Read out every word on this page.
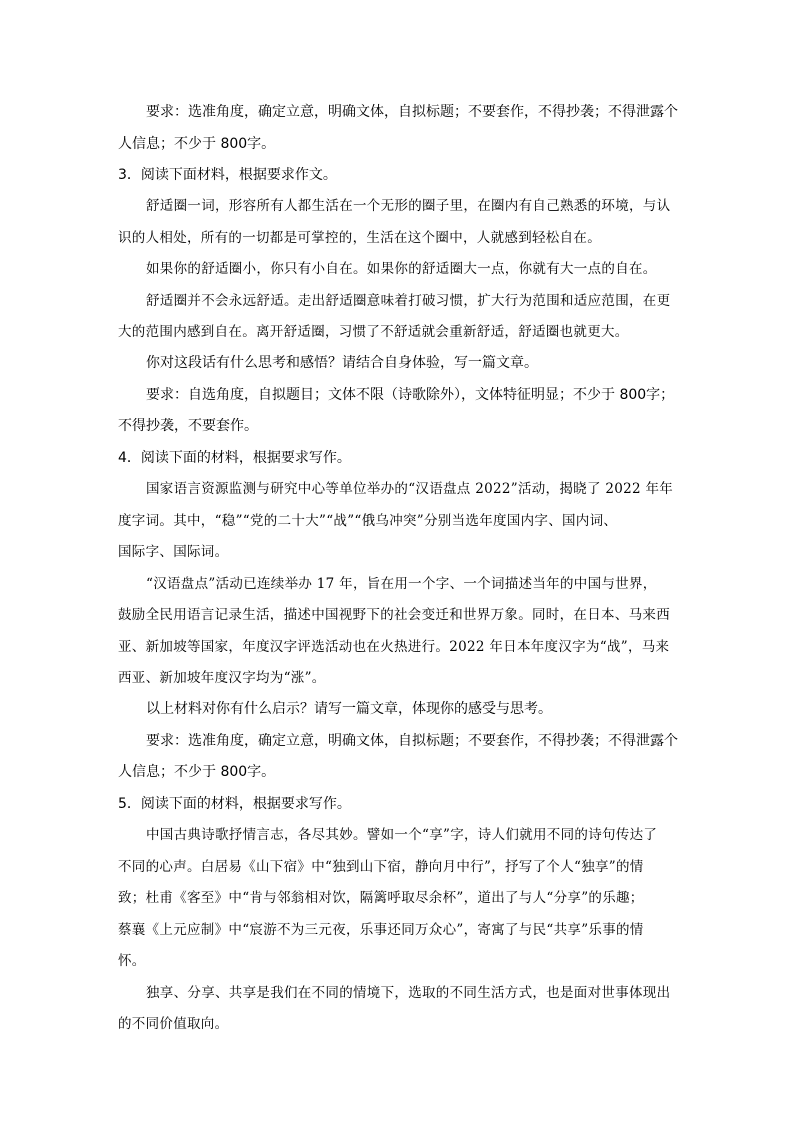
要求：选准角度，确定立意，明确文体，自拟标题；不要套作，不得抄袭；不得泄露个
人信息；不少于 800字。
3．阅读下面材料，根据要求作文。
舒适圈一词，形容所有人都生活在一个无形的圈子里，在圈内有自己熟悉的环境，与认
识的人相处，所有的一切都是可掌控的，生活在这个圈中，人就感到轻松自在。
如果你的舒适圈小，你只有小自在。如果你的舒适圈大一点，你就有大一点的自在。
舒适圈并不会永远舒适。走出舒适圈意味着打破习惯，扩大行为范围和适应范围，在更
大的范围内感到自在。离开舒适圈，习惯了不舒适就会重新舒适，舒适圈也就更大。
你对这段话有什么思考和感悟？请结合自身体验，写一篇文章。
要求：自选角度，自拟题目；文体不限（诗歌除外），文体特征明显；不少于 800字；
不得抄袭，不要套作。
4．阅读下面的材料，根据要求写作。
国家语言资源监测与研究中心等单位举办的“汉语盘点 2022”活动，揭晓了 2022 年年
度字词。其中，“稳”“党的二十大”“战”“俄乌冲突”分别当选年度国内字、国内词、
国际字、国际词。
“汉语盘点”活动已连续举办 17 年，旨在用一个字、一个词描述当年的中国与世界，
鼓励全民用语言记录生活，描述中国视野下的社会变迁和世界万象。同时，在日本、马来西
亚、新加坡等国家，年度汉字评选活动也在火热进行。2022 年日本年度汉字为“战”，马来
西亚、新加坡年度汉字均为“涨”。
以上材料对你有什么启示？请写一篇文章，体现你的感受与思考。
要求：选准角度，确定立意，明确文体，自拟标题；不要套作，不得抄袭；不得泄露个
人信息；不少于 800字。
5．阅读下面的材料，根据要求写作。
中国古典诗歌抒情言志，各尽其妙。譬如一个“享”字，诗人们就用不同的诗句传达了
不同的心声。白居易《山下宿》中“独到山下宿，静向月中行”，抒写了个人“独享”的情
致；杜甫《客至》中“肯与邻翁相对饮，隔篱呼取尽余杯”，道出了与人“分享”的乐趣；
蔡襄《上元应制》中“宸游不为三元夜，乐事还同万众心”，寄寓了与民“共享”乐事的情
怀。
独享、分享、共享是我们在不同的情境下，选取的不同生活方式，也是面对世事体现出
的不同价值取向。
